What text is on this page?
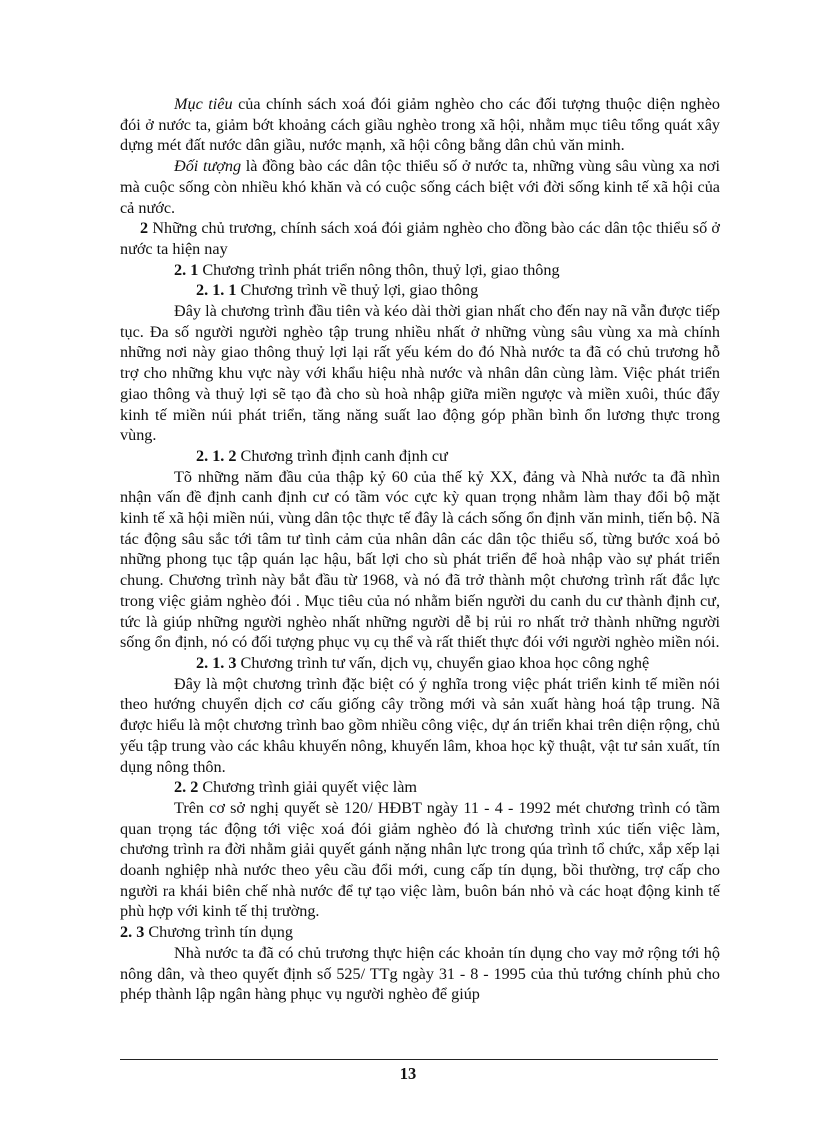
Mục tiêu của chính sách xoá đói giảm nghèo cho các đối tượng thuộc diện nghèo đói ở nước ta, giảm bớt khoảng cách giầu nghèo trong xã hội, nhằm mục tiêu tổng quát xây dựng mét đất nước dân giầu, nước mạnh, xã hội công bằng dân chủ văn minh.

Đối tượng là đồng bào các dân tộc thiểu số ở nước ta, những vùng sâu vùng xa nơi mà cuộc sống còn nhiều khó khăn và có cuộc sống cách biệt với đời sống kinh tế xã hội của cả nước.

2 Những chủ trương, chính sách xoá đói giảm nghèo cho đồng bào các dân tộc thiểu số ở nước ta hiện nay

2. 1 Chương trình phát triển nông thôn, thuỷ lợi, giao thông

2. 1. 1 Chương trình về thuỷ lợi, giao thông

Đây là chương trình đầu tiên và kéo dài thời gian nhất cho đến nay nã vẫn được tiếp tục. Đa số người người nghèo tập trung nhiều nhất ở những vùng sâu vùng xa mà chính những nơi này giao thông thuỷ lợi lại rất yếu kém do đó Nhà nước ta đã có chủ trương hỗ trợ cho những khu vực này với khẩu hiệu nhà nước và nhân dân cùng làm. Việc phát triển giao thông và thuỷ lợi sẽ tạo đà cho sù hoà nhập giữa miền ngược và miền xuôi, thúc đẩy kinh tế miền núi phát triển, tăng năng suất lao động góp phần bình ổn lương thực trong vùng.

2. 1. 2 Chương trình định canh định cư

Tõ những năm đầu của thập kỷ 60 của thế kỷ XX, đảng và Nhà nước ta đã nhìn nhận vấn đề định canh định cư có tầm vóc cực kỳ quan trọng nhằm làm thay đổi bộ mặt kinh tế xã hội miền núi, vùng dân tộc thực tế đây là cách sống ổn định văn minh, tiến bộ. Nã tác động sâu sắc tới tâm tư tình cảm của nhân dân các dân tộc thiểu số, từng bước xoá bỏ những phong tục tập quán lạc hậu, bất lợi cho sù phát triển để hoà nhập vào sự phát triển chung. Chương trình này bắt đầu từ 1968, và nó đã trở thành một chương trình rất đắc lực trong việc giảm nghèo đói . Mục tiêu của nó nhằm biến người du canh du cư thành định cư, tức là giúp những người nghèo nhất những người dễ bị rủi ro nhất trở thành những người sống ổn định, nó có đối tượng phục vụ cụ thể và rất thiết thực đói với người nghèo miền nói.

2. 1. 3 Chương trình tư vấn, dịch vụ, chuyển giao khoa học công nghệ

Đây là một chương trình đặc biệt có ý nghĩa trong việc phát triển kinh tế miền nói theo hướng chuyển dịch cơ cấu giống cây trồng mới và sản xuất hàng hoá tập trung. Nã được hiểu là một chương trình bao gồm nhiều công việc, dự án triển khai trên diện rộng, chủ yếu tập trung vào các khâu khuyến nông, khuyến lâm, khoa học kỹ thuật, vật tư sản xuất, tín dụng nông thôn.

2. 2 Chương trình giải quyết việc làm

Trên cơ sở nghị quyết sè 120/ HĐBT ngày 11 - 4 - 1992 mét chương trình có tầm quan trọng tác động tới việc xoá đói giảm nghèo đó là chương trình xúc tiến việc làm, chương trình ra đời nhằm giải quyết gánh nặng nhân lực trong qúa trình tổ chức, xắp xếp lại doanh nghiệp nhà nước theo yêu cầu đổi mới, cung cấp tín dụng, bồi thường, trợ cấp cho người ra khái biên chế nhà nước để tự tạo việc làm, buôn bán nhỏ và các hoạt động kinh tế phù hợp với kinh tế thị trường.

2. 3 Chương trình tín dụng

Nhà nước ta đã có chủ trương thực hiện các khoản tín dụng cho vay mở rộng tới hộ nông dân, và theo quyết định số 525/ TTg ngày 31 - 8 - 1995 của thủ tướng chính phủ cho phép thành lập ngân hàng phục vụ người nghèo để giúp

13
